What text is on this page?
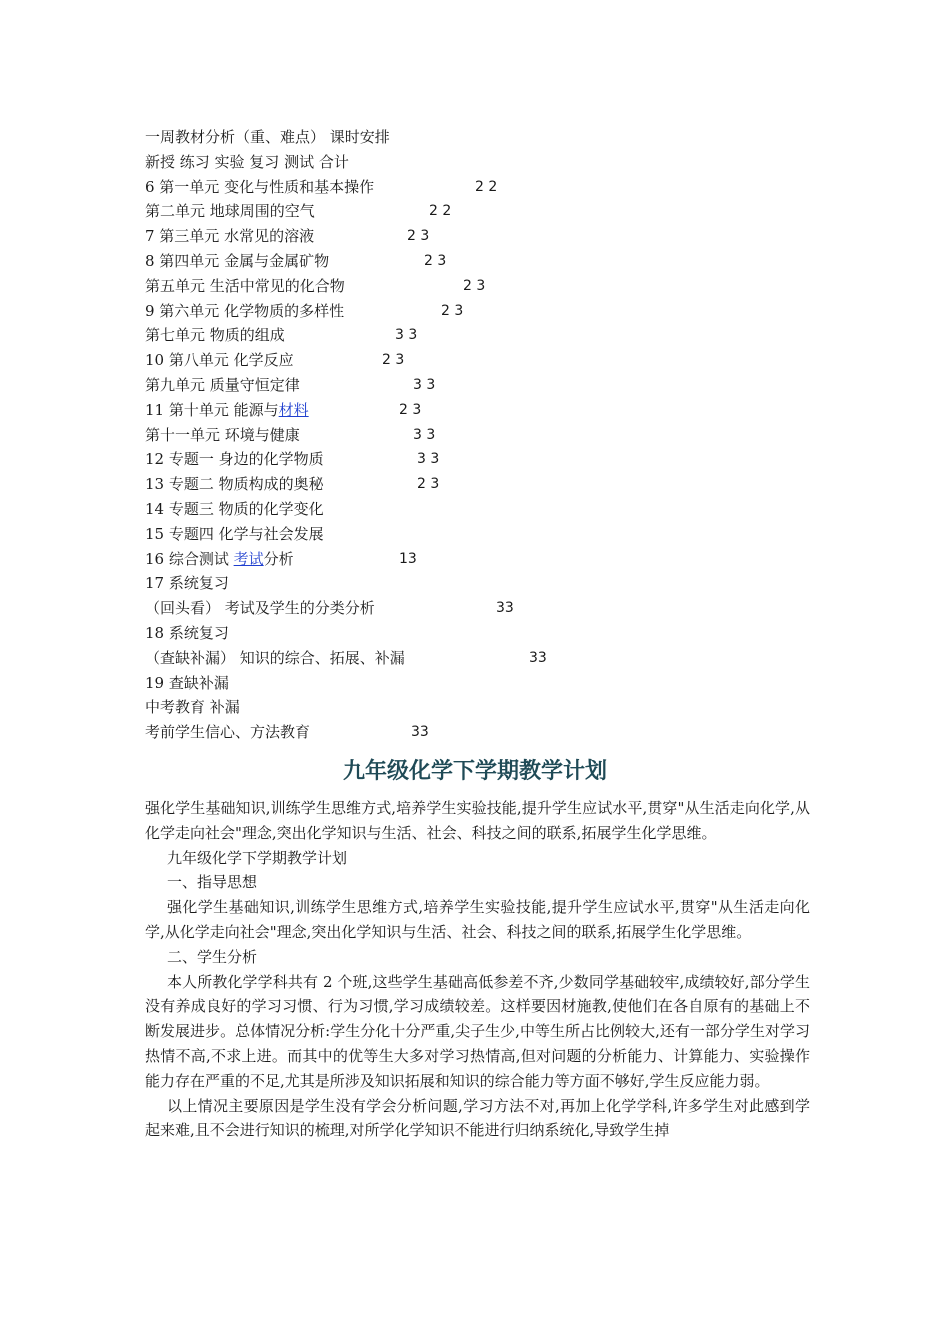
一周教材分析（重、难点） 课时安排
新授 练习 实验 复习 测试 合计
6 第一单元 变化与性质和基本操作	2 2
第二单元 地球周围的空气	2 2
7 第三单元 水常见的溶液	2 3
8 第四单元 金属与金属矿物	2 3
第五单元 生活中常见的化合物	2 3
9 第六单元 化学物质的多样性	2 3
第七单元 物质的组成	3 3
10 第八单元 化学反应	2 3
第九单元 质量守恒定律	3 3
11 第十单元 能源与材料	2 3
第十一单元 环境与健康	3 3
12 专题一 身边的化学物质	3 3
13 专题二 物质构成的奥秘	2 3
14 专题三 物质的化学变化
15 专题四 化学与社会发展
16 综合测试 考试分析	13
17 系统复习
（回头看） 考试及学生的分类分析	33
18 系统复习
（查缺补漏） 知识的综合、拓展、补漏	33
19 查缺补漏
中考教育 补漏
考前学生信心、方法教育	33
九年级化学下学期教学计划

强化学生基础知识,训练学生思维方式,培养学生实验技能,提升学生应试水平,贯穿"从生活走向化学,从化学走向社会"理念,突出化学知识与生活、社会、科技之间的联系,拓展学生化学思维。

九年级化学下学期教学计划

一、指导思想

强化学生基础知识,训练学生思维方式,培养学生实验技能,提升学生应试水平,贯穿"从生活走向化学,从化学走向社会"理念,突出化学知识与生活、社会、科技之间的联系,拓展学生化学思维。

二、学生分析

本人所教化学学科共有 2 个班,这些学生基础高低参差不齐,少数同学基础较牢,成绩较好,部分学生没有养成良好的学习习惯、行为习惯,学习成绩较差。这样要因材施教,使他们在各自原有的基础上不断发展进步。总体情况分析:学生分化十分严重,尖子生少,中等生所占比例较大,还有一部分学生对学习热情不高,不求上进。而其中的优等生大多对学习热情高,但对问题的分析能力、计算能力、实验操作能力存在严重的不足,尤其是所涉及知识拓展和知识的综合能力等方面不够好,学生反应能力弱。

以上情况主要原因是学生没有学会分析问题,学习方法不对,再加上化学学科,许多学生对此感到学起来难,且不会进行知识的梳理,对所学化学知识不能进行归纳系统化,导致学生掉
